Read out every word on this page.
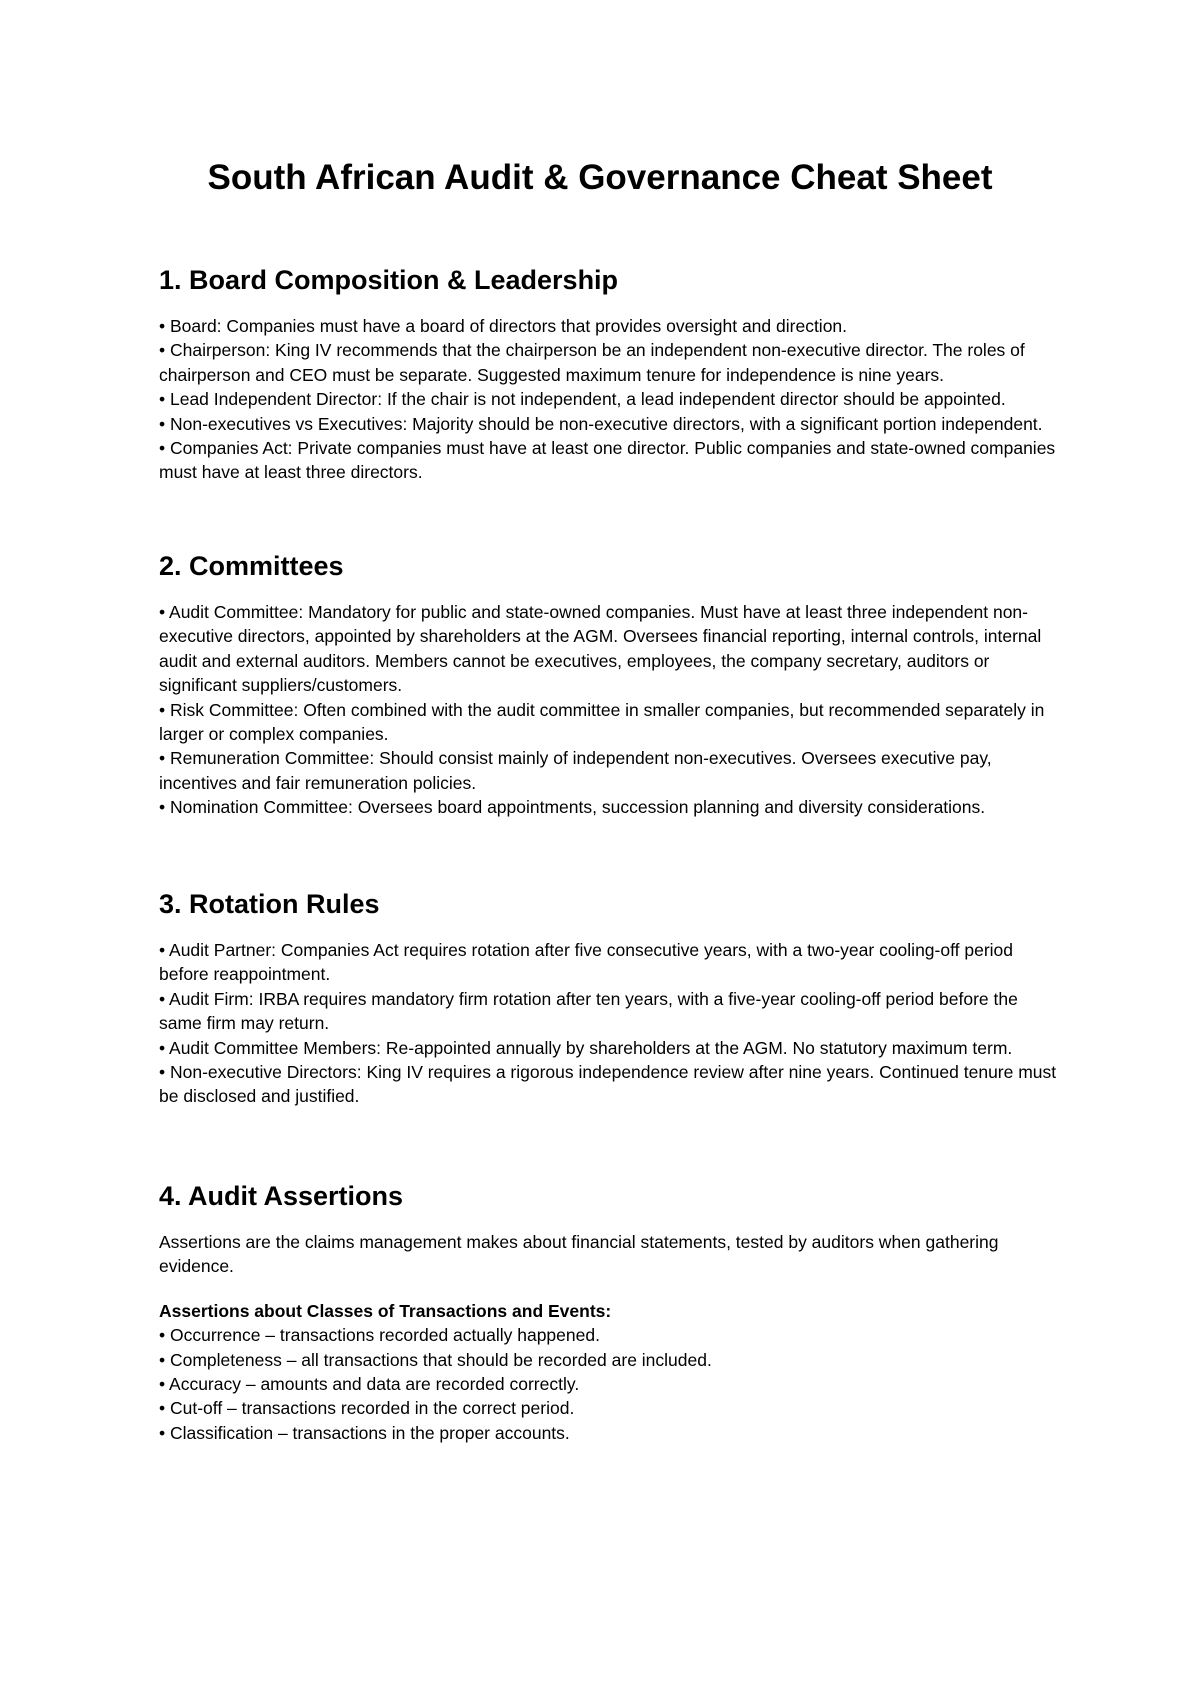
South African Audit & Governance Cheat Sheet
1. Board Composition & Leadership

• Board: Companies must have a board of directors that provides oversight and direction.

• Chairperson: King IV recommends that the chairperson be an independent non-executive director. The roles of chairperson and CEO must be separate. Suggested maximum tenure for independence is nine years.

• Lead Independent Director: If the chair is not independent, a lead independent director should be appointed.

• Non-executives vs Executives: Majority should be non-executive directors, with a significant portion independent.

• Companies Act: Private companies must have at least one director. Public companies and state-owned companies must have at least three directors.

2. Committees

• Audit Committee: Mandatory for public and state-owned companies. Must have at least three independent non-executive directors, appointed by shareholders at the AGM. Oversees financial reporting, internal controls, internal audit and external auditors. Members cannot be executives, employees, the company secretary, auditors or significant suppliers/customers.

• Risk Committee: Often combined with the audit committee in smaller companies, but recommended separately in larger or complex companies.

• Remuneration Committee: Should consist mainly of independent non-executives. Oversees executive pay, incentives and fair remuneration policies.

• Nomination Committee: Oversees board appointments, succession planning and diversity considerations.

3. Rotation Rules

• Audit Partner: Companies Act requires rotation after five consecutive years, with a two-year cooling-off period before reappointment.

• Audit Firm: IRBA requires mandatory firm rotation after ten years, with a five-year cooling-off period before the same firm may return.

• Audit Committee Members: Re-appointed annually by shareholders at the AGM. No statutory maximum term.

• Non-executive Directors: King IV requires a rigorous independence review after nine years. Continued tenure must be disclosed and justified.

4. Audit Assertions

Assertions are the claims management makes about financial statements, tested by auditors when gathering evidence.

Assertions about Classes of Transactions and Events:

• Occurrence – transactions recorded actually happened.

• Completeness – all transactions that should be recorded are included.

• Accuracy – amounts and data are recorded correctly.

• Cut-off – transactions recorded in the correct period.

• Classification – transactions in the proper accounts.
